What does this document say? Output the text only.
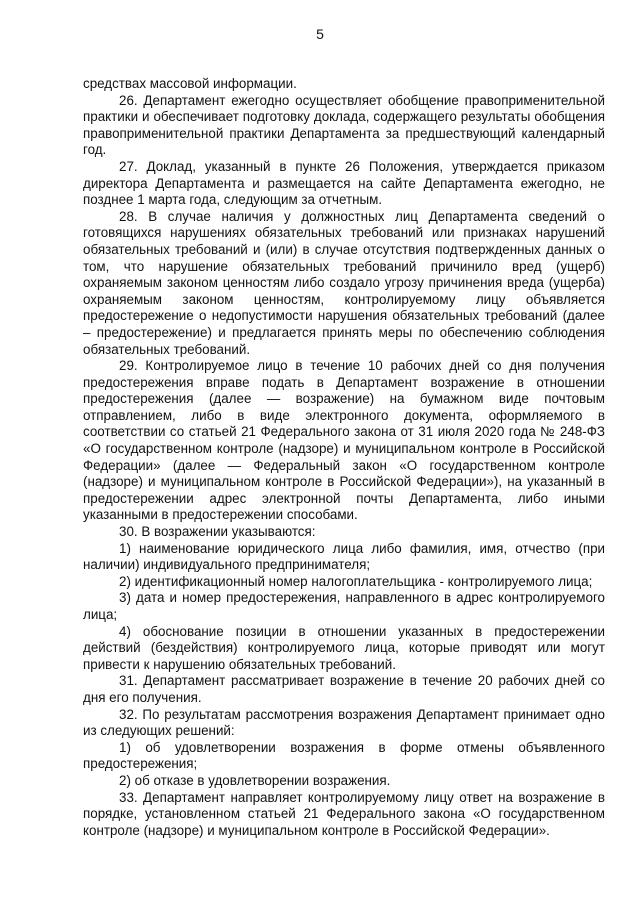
5

средствах массовой информации.

26. Департамент ежегодно осуществляет обобщение правоприменительной практики и обеспечивает подготовку доклада, содержащего результаты обобщения правоприменительной практики Департамента за предшествующий календарный год.

27. Доклад, указанный в пункте 26 Положения, утверждается приказом директора Департамента и размещается на сайте Департамента ежегодно, не позднее 1 марта года, следующим за отчетным.

28. В случае наличия у должностных лиц Департамента сведений о готовящихся нарушениях обязательных требований или признаках нарушений обязательных требований и (или) в случае отсутствия подтвержденных данных о том, что нарушение обязательных требований причинило вред (ущерб) охраняемым законом ценностям либо создало угрозу причинения вреда (ущерба) охраняемым законом ценностям, контролируемому лицу объявляется предостережение о недопустимости нарушения обязательных требований (далее – предостережение) и предлагается принять меры по обеспечению соблюдения обязательных требований.

29. Контролируемое лицо в течение 10 рабочих дней со дня получения предостережения вправе подать в Департамент возражение в отношении предостережения (далее — возражение) на бумажном виде почтовым отправлением, либо в виде электронного документа, оформляемого в соответствии со статьей 21 Федерального закона от 31 июля 2020 года № 248-ФЗ «О государственном контроле (надзоре) и муниципальном контроле в Российской Федерации» (далее — Федеральный закон «О государственном контроле (надзоре) и муниципальном контроле в Российской Федерации»), на указанный в предостережении адрес электронной почты Департамента, либо иными указанными в предостережении способами.

30. В возражении указываются:

1) наименование юридического лица либо фамилия, имя, отчество (при наличии) индивидуального предпринимателя;

2) идентификационный номер налогоплательщика - контролируемого лица;

3) дата и номер предостережения, направленного в адрес контролируемого лица;

4) обоснование позиции в отношении указанных в предостережении действий (бездействия) контролируемого лица, которые приводят или могут привести к нарушению обязательных требований.

31. Департамент рассматривает возражение в течение 20 рабочих дней со дня его получения.

32. По результатам рассмотрения возражения Департамент принимает одно из следующих решений:

1) об удовлетворении возражения в форме отмены объявленного предостережения;

2) об отказе в удовлетворении возражения.

33. Департамент направляет контролируемому лицу ответ на возражение в порядке, установленном статьей 21 Федерального закона «О государственном контроле (надзоре) и муниципальном контроле в Российской Федерации».
